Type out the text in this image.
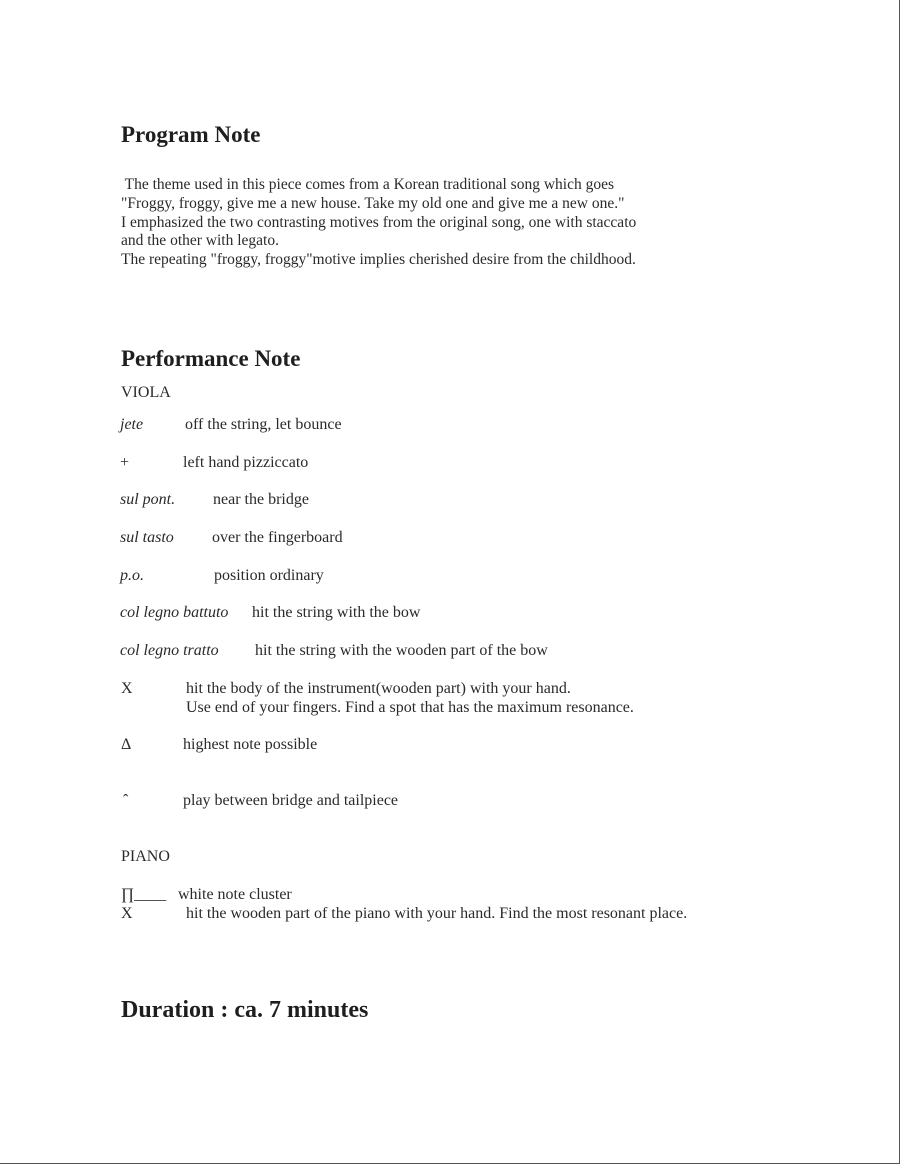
Program Note
The theme used in this piece comes from a Korean traditional song which goes
"Froggy, froggy, give me a new house. Take my old one and give me a new one."
I emphasized the two contrasting motives from the original song, one with staccato
and the other with legato.
The repeating "froggy, froggy"motive implies cherished desire from the childhood.
Performance Note
VIOLA
jete	off the string, let bounce
+	left hand pizziccato
sul pont. near the bridge
sul tasto over the fingerboard
p.o.	position ordinary
col legno battuto hit the string with the bow
col legno tratto hit the string with the wooden part of the bow
X	hit the body of the instrument(wooden part) with your hand.
Use end of your fingers. Find a spot that has the maximum resonance.
Δ	highest note possible
ˆ	play between bridge and tailpiece
PIANO
∏____ white note cluster
X	hit the wooden part of the piano with your hand. Find the most resonant place.
Duration : ca. 7 minutes
